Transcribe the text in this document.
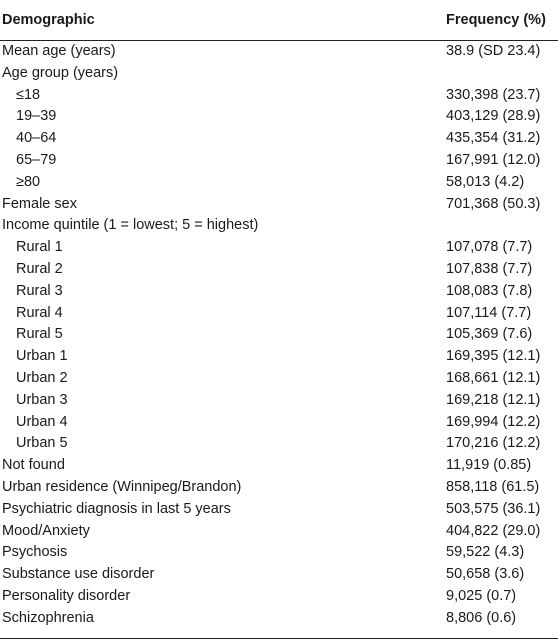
Demographic	Frequency (%)
Mean age (years)	38.9 (SD 23.4)
Age group (years)
≤18	330,398 (23.7)
19–39	403,129 (28.9)
40–64	435,354 (31.2)
65–79	167,991 (12.0)
≥80	58,013 (4.2)
Female sex	701,368 (50.3)
Income quintile (1 = lowest; 5 = highest)
Rural 1	107,078 (7.7)
Rural 2	107,838 (7.7)
Rural 3	108,083 (7.8)
Rural 4	107,114 (7.7)
Rural 5	105,369 (7.6)
Urban 1	169,395 (12.1)
Urban 2	168,661 (12.1)
Urban 3	169,218 (12.1)
Urban 4	169,994 (12.2)
Urban 5	170,216 (12.2)
Not found	11,919 (0.85)
Urban residence (Winnipeg/Brandon)	858,118 (61.5)
Psychiatric diagnosis in last 5 years	503,575 (36.1)
Mood/Anxiety	404,822 (29.0)
Psychosis	59,522 (4.3)
Substance use disorder	50,658 (3.6)
Personality disorder	9,025 (0.7)
Schizophrenia	8,806 (0.6)
